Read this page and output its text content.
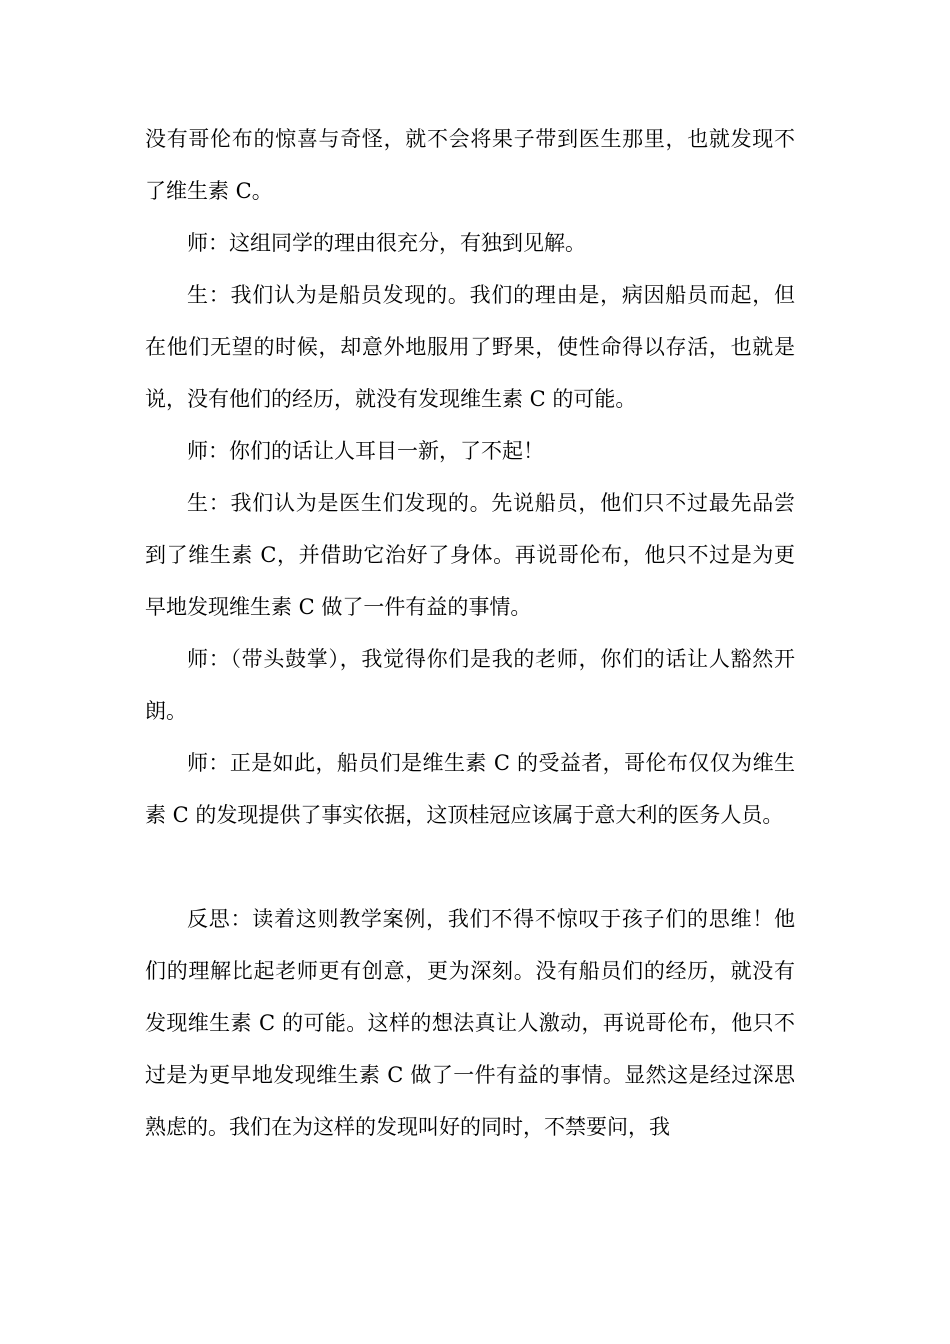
没有哥伦布的惊喜与奇怪，就不会将果子带到医生那里，也就发现不了维生素 C。

师：这组同学的理由很充分，有独到见解。

生：我们认为是船员发现的。我们的理由是，病因船员而起，但在他们无望的时候，却意外地服用了野果，使性命得以存活，也就是说，没有他们的经历，就没有发现维生素 C 的可能。

师：你们的话让人耳目一新，了不起！

生：我们认为是医生们发现的。先说船员，他们只不过最先品尝到了维生素 C，并借助它治好了身体。再说哥伦布，他只不过是为更早地发现维生素 C 做了一件有益的事情。

师：（带头鼓掌），我觉得你们是我的老师，你们的话让人豁然开朗。

师：正是如此，船员们是维生素 C 的受益者，哥伦布仅仅为维生素 C 的发现提供了事实依据，这顶桂冠应该属于意大利的医务人员。

反思：读着这则教学案例，我们不得不惊叹于孩子们的思维！他们的理解比起老师更有创意，更为深刻。没有船员们的经历，就没有发现维生素 C 的可能。这样的想法真让人激动，再说哥伦布，他只不过是为更早地发现维生素 C 做了一件有益的事情。显然这是经过深思熟虑的。我们在为这样的发现叫好的同时，不禁要问，我
